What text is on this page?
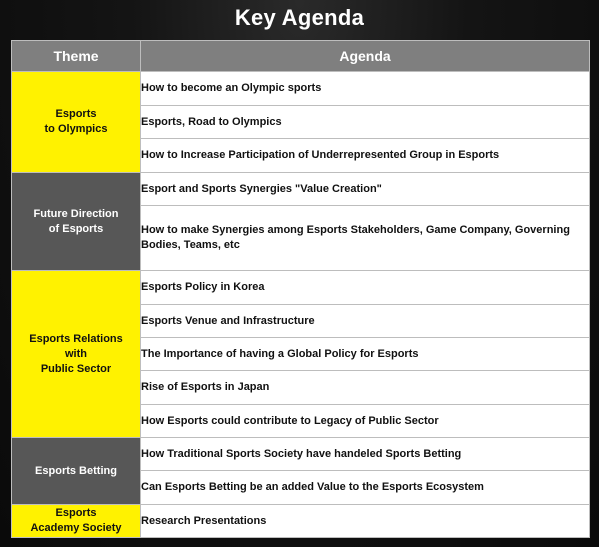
Key Agenda
Theme	Agenda
Esports
to Olympics	How to become an Olympic sports
	Esports, Road to Olympics
	How to Increase Participation of Underrepresented Group in Esports
Future Direction
of Esports	Esport and Sports Synergies "Value Creation"
	How to make Synergies among Esports Stakeholders, Game Company, Governing Bodies, Teams, etc
Esports Relations
with
Public Sector	Esports Policy in Korea
	Esports Venue and Infrastructure
	The Importance of having a Global Policy for Esports
	Rise of Esports in Japan
	How Esports could contribute to Legacy of Public Sector
Esports Betting	How Traditional Sports Society have handeled Sports Betting
	Can Esports Betting be an added Value to the Esports Ecosystem
Esports
Academy Society	Research Presentations
